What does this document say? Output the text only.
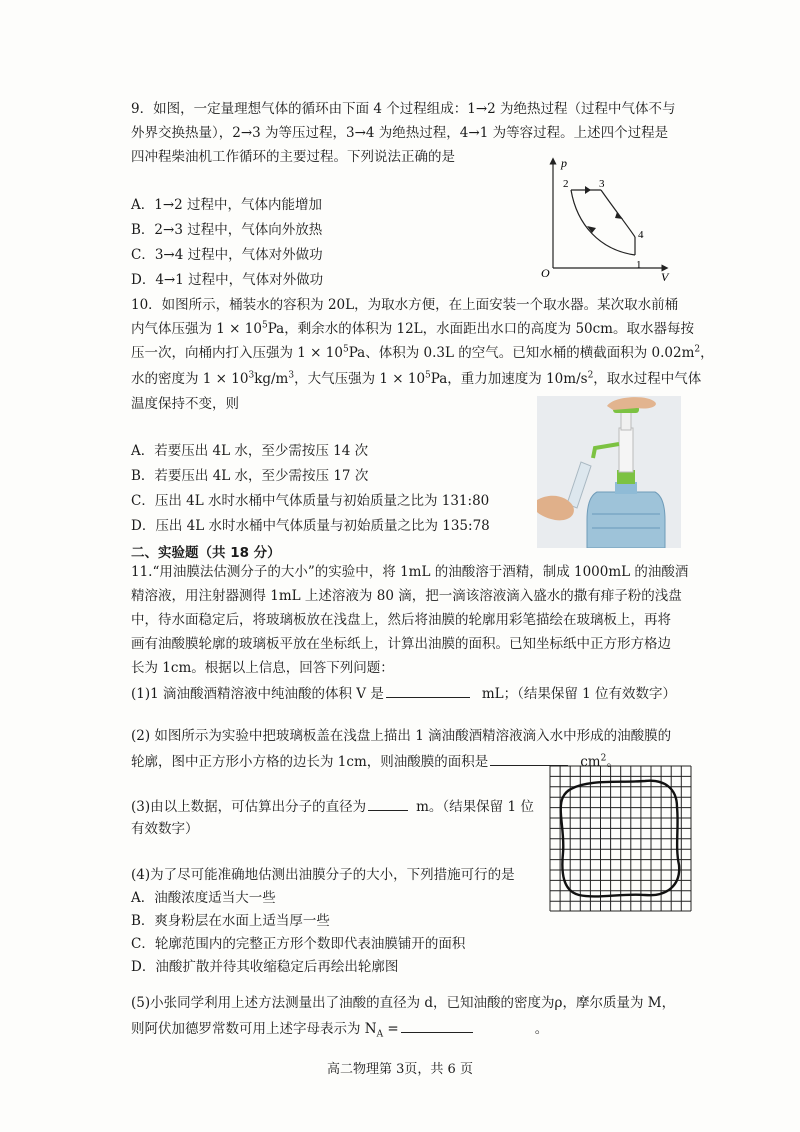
9．如图，一定量理想气体的循环由下面 4 个过程组成：1→2 为绝热过程（过程中气体不与
外界交换热量），2→3 为等压过程，3→4 为绝热过程，4→1 为等容过程。上述四个过程是
四冲程柴油机工作循环的主要过程。下列说法正确的是
A．1→2 过程中，气体内能增加
B．2→3 过程中，气体向外放热
C．3→4 过程中，气体对外做功
D．4→1 过程中，气体对外做功
p
V
O
1
2	3
4
10．如图所示，桶装水的容积为 20L，为取水方便，在上面安装一个取水器。某次取水前桶
内气体压强为 $1 \times 10^5Pa$，剩余水的体积为 12L，水面距出水口的高度为 50cm。取水器每按
压一次，向桶内打入压强为 $1 \times 10^5Pa$、体积为 0.3L 的空气。已知水桶的横截面积为 $0.02m^2$，
水的密度为 $1 \times 10^3kg/m^3$，大气压强为 $1 \times 10^5Pa$，重力加速度为 $10m/s^2$，取水过程中气体
温度保持不变，则
A．若要压出 4L 水，至少需按压 14 次
B．若要压出 4L 水，至少需按压 17 次
C．压出 4L 水时水桶中气体质量与初始质量之比为 131:80
D．压出 4L 水时水桶中气体质量与初始质量之比为 135:78
二、实验题（共 18 分）
11.“用油膜法估测分子的大小”的实验中，将 1mL 的油酸溶于酒精，制成 1000mL 的油酸酒
精溶液，用注射器测得 1mL 上述溶液为 80 滴，把一滴该溶液滴入盛水的撒有痱子粉的浅盘
中，待水面稳定后，将玻璃板放在浅盘上，然后将油膜的轮廓用彩笔描绘在玻璃板上，再将
画有油酸膜轮廓的玻璃板平放在坐标纸上，计算出油膜的面积。已知坐标纸中正方形方格边
长为 1cm。根据以上信息，回答下列问题：
(1)1 滴油酸酒精溶液中纯油酸的体积 V 是	mL；（结果保留 1 位有效数字）
(2) 如图所示为实验中把玻璃板盖在浅盘上描出 1 滴油酸酒精溶液滴入水中形成的油酸膜的
轮廓，图中正方形小方格的边长为 1cm，则油酸膜的面积是	$cm^2$。
(3)由以上数据，可估算出分子的直径为	m。（结果保留 1 位
有效数字）
(4)为了尽可能准确地估测出油膜分子的大小，下列措施可行的是
A．油酸浓度适当大一些
B．爽身粉层在水面上适当厚一些
C．轮廓范围内的完整正方形个数即代表油膜铺开的面积
D．油酸扩散并待其收缩稳定后再绘出轮廓图
(5)小张同学利用上述方法测量出了油酸的直径为 d，已知油酸的密度为ρ，摩尔质量为 M，
则阿伏加德罗常数可用上述字母表示为 $N_A$ =	。
高二物理第 3页，共 6 页
